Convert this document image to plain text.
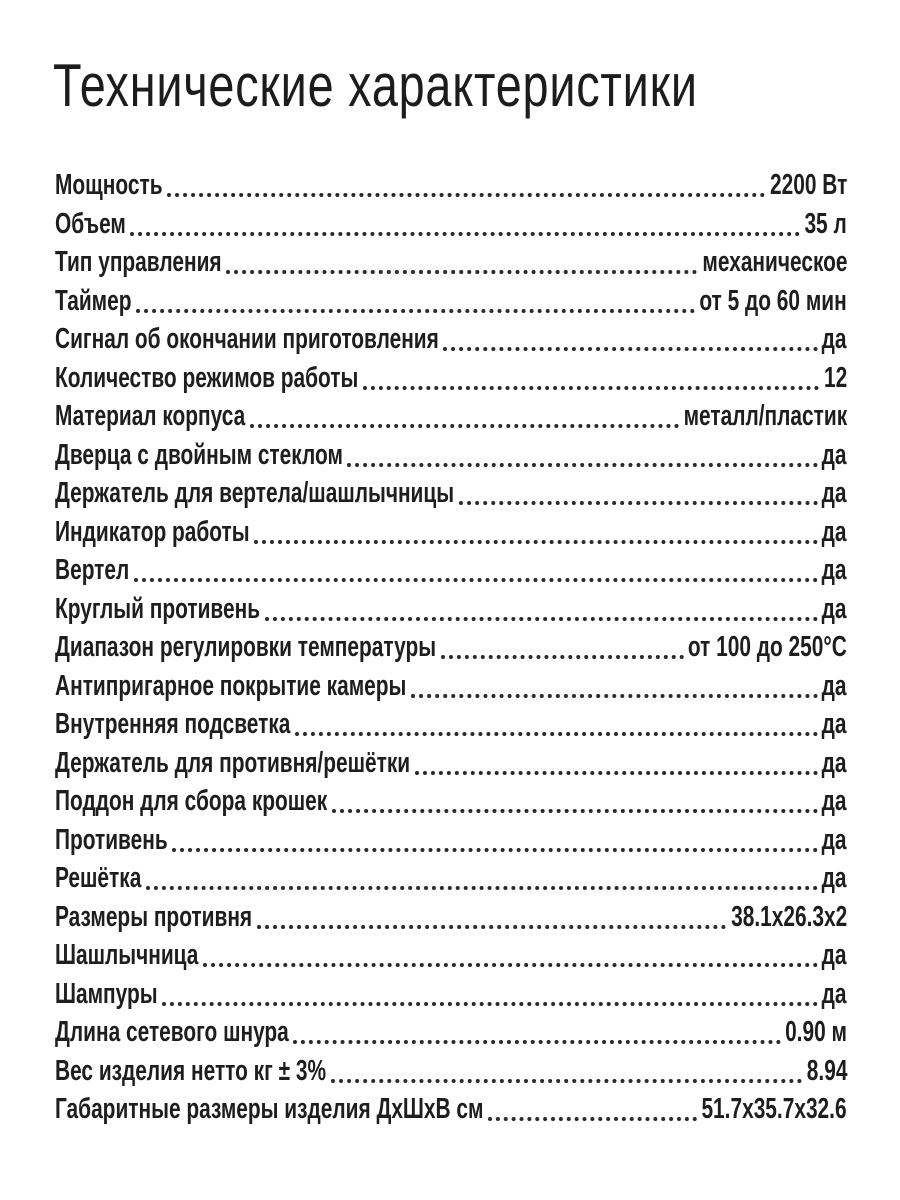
Технические характеристики
Мощность	2200 Вт
Объем	35 л
Тип управления	механическое
Таймер	от 5 до 60 мин
Сигнал об окончании приготовления	да
Количество режимов работы	12
Материал корпуса	металл/пластик
Дверца с двойным стеклом	да
Держатель для вертела/шашлычницы	да
Индикатор работы	да
Вертел	да
Круглый противень	да
Диапазон регулировки температуры	от 100 до 250°С
Антипригарное покрытие камеры	да
Внутренняя подсветка	да
Держатель для противня/решётки	да
Поддон для сбора крошек	да
Противень	да
Решётка	да
Размеры противня	38.1x26.3x2
Шашлычница	да
Шампуры	да
Длина сетевого шнура	0.90 м
Вес изделия нетто кг ± 3%	8.94
Габаритные размеры изделия ДхШхВ см	51.7x35.7x32.6
